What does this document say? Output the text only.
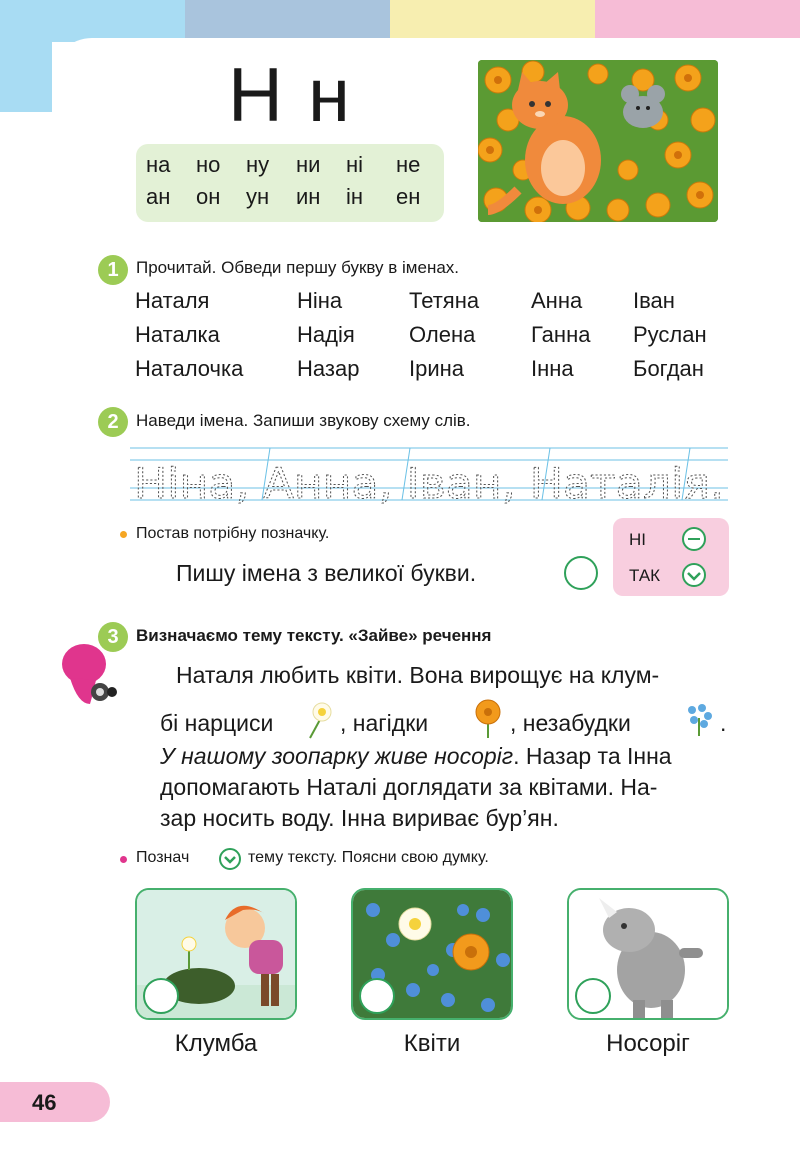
Н н
на	но	ну	ни	ні	не
ан	он	ун	ин	ін	ен
1	Прочитай. Обведи першу букву в іменах.
Наталя	Ніна	Тетяна	Анна	Іван
Наталка	Надія	Олена	Ганна	Руслан
Наталочка	Назар	Ірина	Інна	Богдан
2	Наведи імена. Запиши звукову схему слів.
Ніна, Анна, Іван, Наталія.
Постав потрібну позначку.
Пишу імена з великої букви.
НІ
ТАК
3	Визначаємо тему тексту. «Зайве» речення
Наталя любить квіти. Вона вирощує на клум-
бі нарциси	, нагідки	, незабудки	.
У нашому зоопарку живе носоріг. Назар та Інна
допомагають Наталі доглядати за квітами. На-
зар носить воду. Інна вириває бур’ян.
Познач	тему тексту. Поясни свою думку.
Клумба	Квіти	Носоріг
46
